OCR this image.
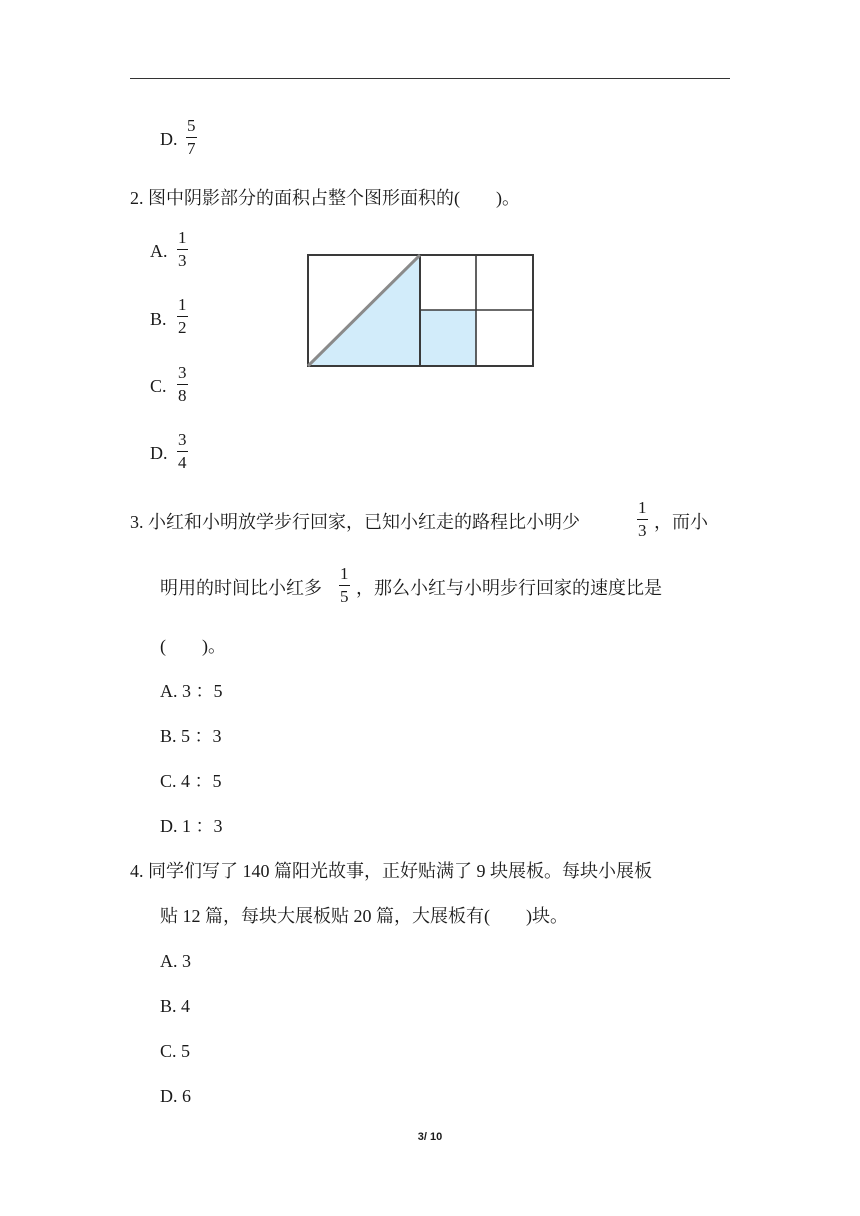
D.
5
7
2. 图中阴影部分的面积占整个图形面积的(　　)。
A.
1
3
B.
1
2
C.
3
8
D.
3
4
3. 小红和小明放学步行回家，已知小红走的路程比小明少
1
3 ，而小
明用的时间比小红多
1
5 ，那么小红与小明步行回家的速度比是
(　　)。
A. 3 ：5
B. 5 ：3
C. 4 ：5
D. 1 ：3
4. 同学们写了 140 篇阳光故事，正好贴满了 9 块展板。每块小展板
贴 12 篇，每块大展板贴 20 篇，大展板有(　　)块。
A. 3
B. 4
C. 5
D. 6
3/ 10
